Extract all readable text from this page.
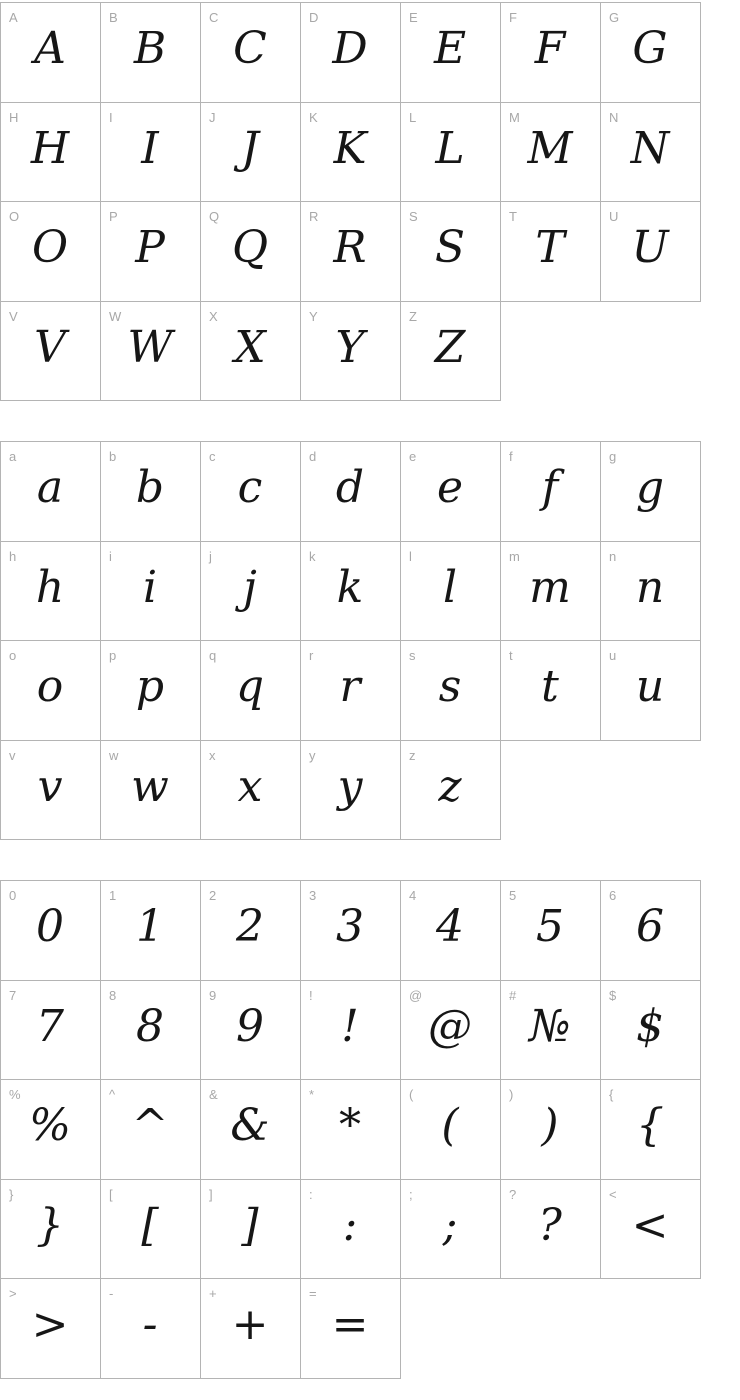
A
A
B
B
C
C
D
D
E
E
F
F
G
G
H
H
I
I
J
J
K
K
L
L
M
M
N
N
O
O
P
P
Q
Q
R
R
S
S
T
T
U
U
V
V
W
W
X
X
Y
Y
Z
Z
a
a
b
b
c
c
d
d
e
e
f
f
g
g
h
h
i
i
j
j
k
k
l
l
m
m
n
n
o
o
p
p
q
q
r
r
s
s
t
t
u
u
v
v
w
w
x
x
y
y
z
z
0
0
1
1
2
2
3
3
4
4
5
5
6
6
7
7
8
8
9
9
!
!
@
@
#
№
$
$
%
%
^
^
&
&
*
*
(
(
)
)
{
{
}
}
[
[
]
]
:
:
;
;
?
?
<
<
>
>
-
-
+
+
=
=
